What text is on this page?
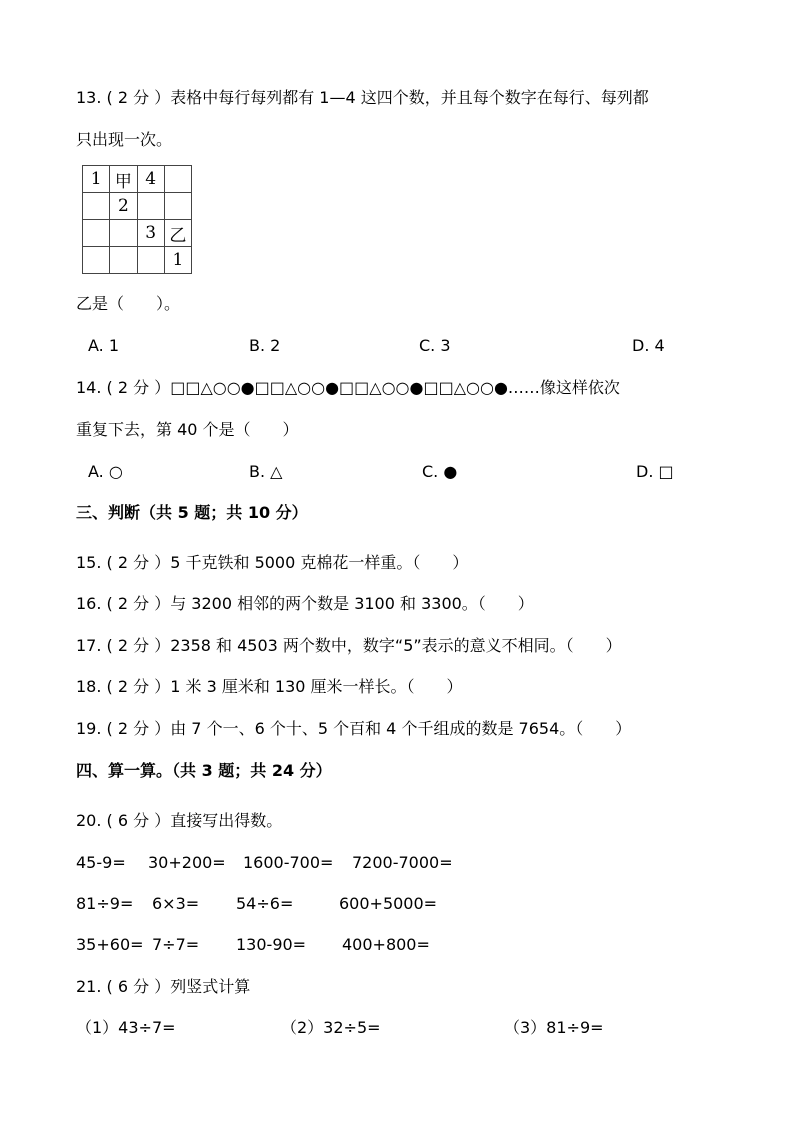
13. ( 2 分 ）表格中每行每列都有 1—4 这四个数，并且每个数字在每行、每列都
只出现一次。
1	甲	4	
	2		
		3	乙
			1
乙是（　　）。
A. 1	B. 2	C. 3	D. 4
14. ( 2 分 ）□□△○○●□□△○○●□□△○○●□□△○○●……像这样依次
重复下去，第 40 个是（　　）
A. ○	B. △	C. ●	D. □
三、判断（共 5 题；共 10 分）
15. ( 2 分 ）5 千克铁和 5000 克棉花一样重。（　　）
16. ( 2 分 ）与 3200 相邻的两个数是 3100 和 3300。（　　）
17. ( 2 分 ）2358 和 4503 两个数中，数字“5”表示的意义不相同。（　　）
18. ( 2 分 ）1 米 3 厘米和 130 厘米一样长。（　　）
19. ( 2 分 ）由 7 个一、6 个十、5 个百和 4 个千组成的数是 7654。（　　）
四、算一算。（共 3 题；共 24 分）
20. ( 6 分 ）直接写出得数。
45-9= 30+200= 1600-700= 7200-7000=
81÷9= 6×3= 54÷6=	600+5000=
35+60= 7÷7= 130-90= 400+800=
21. ( 6 分 ）列竖式计算
（1）43÷7=	（2）32÷5=	（3）81÷9=
